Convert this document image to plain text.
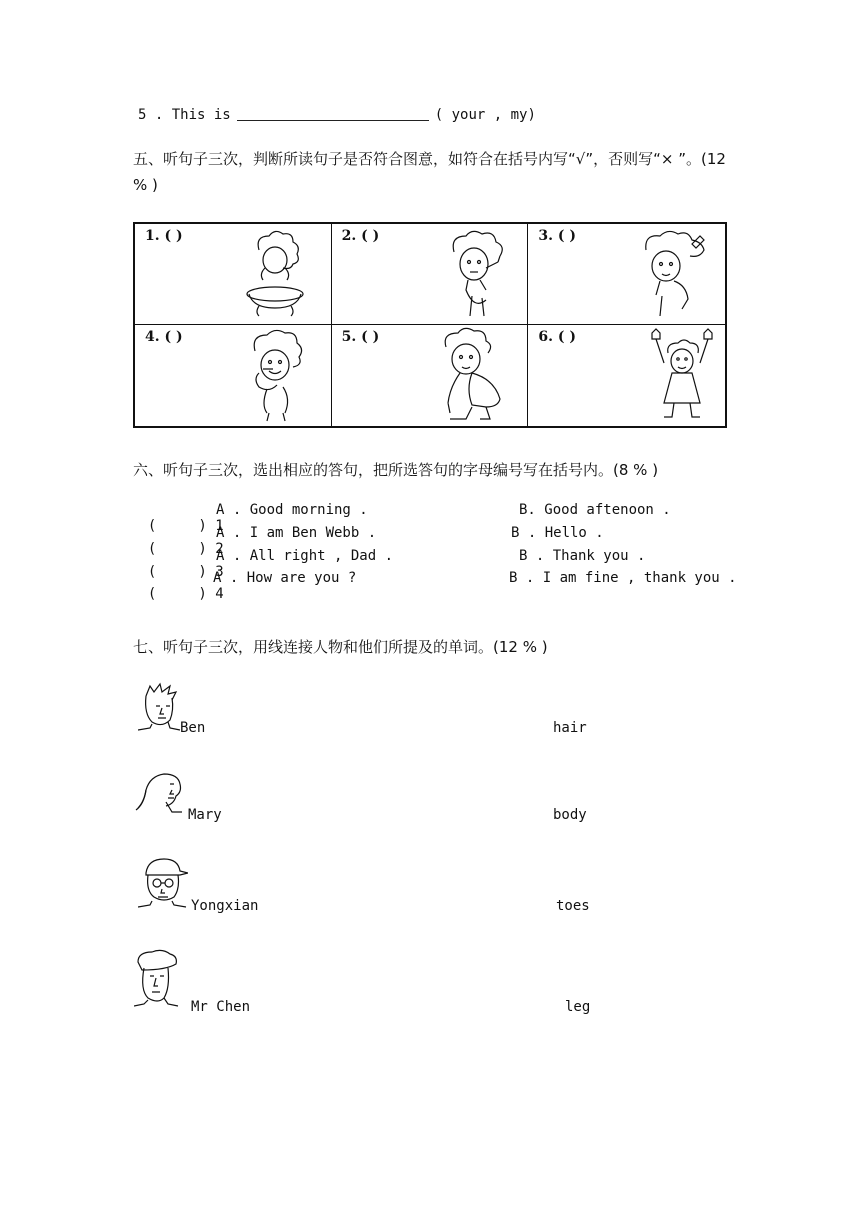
5 . This is	( your , my)
五、听句子三次，判断所读句子是否符合图意，如符合在括号内写“√”，否则写“× ”。(12 % )
1. ( )	2. ( )	3. ( )
4. ( )	5. ( )	6. ( )
六、听句子三次，选出相应的答句，把所选答句的字母编号写在括号内。(8 % )

(     ) 1

A . Good morning .	B. Good aftenoon .

(     ) 2

A . I am Ben Webb .	B . Hello .

(     ) 3

A . All right , Dad .	B . Thank you .

(     ) 4

A . How are you ?	B . I am fine , thank you .
七、听句子三次，用线连接人物和他们所提及的单词。(12 % )
Ben	hair
Mary	body
Yongxian	toes
Mr Chen	leg
